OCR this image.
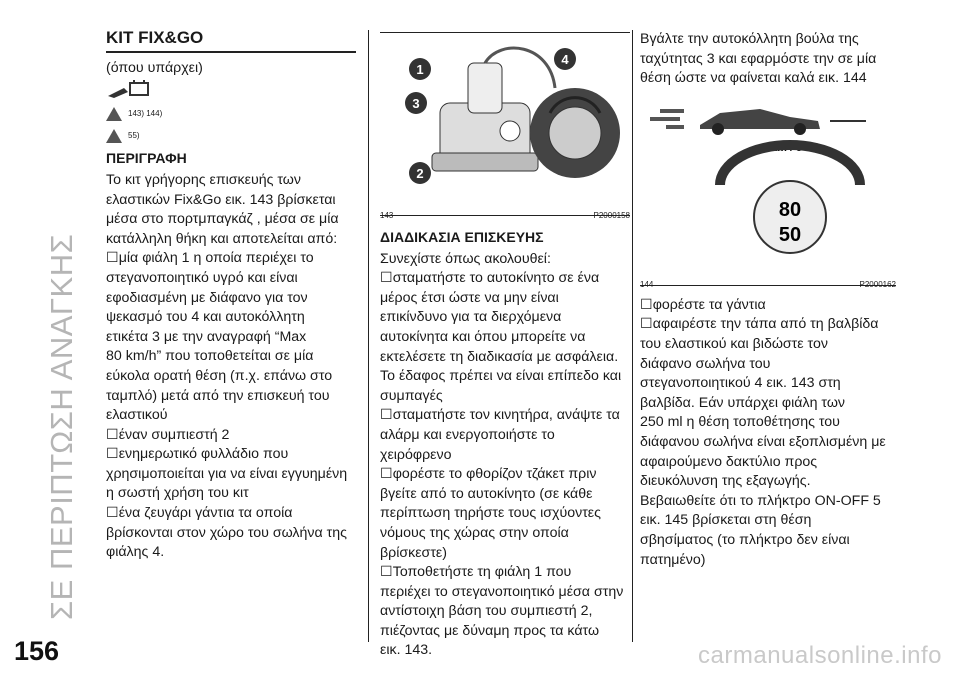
ΣΕ ΠΕΡΙΠΤΩΣΗ ΑΝΑΓΚΗΣ
156	carmanualsonline.info
KIT FIX&GO
(όπου υπάρχει)
143) 144)
55)
ΠΕΡΙΓΡΑΦΗ
Το κιτ γρήγορης επισκευής των
ελαστικών Fix&Go εικ. 143 βρίσκεται
μέσα στο πορτμπαγκάζ , μέσα σε μία
κατάλληλη θήκη και αποτελείται από:
☐μία φιάλη 1 η οποία περιέχει το
στεγανοποιητικό υγρό και είναι
εφοδιασμένη με διάφανο για τον
ψεκασμό του 4 και αυτοκόλλητη
ετικέτα 3 με την αναγραφή “Max
80 km/h” που τοποθετείται σε μία
εύκολα ορατή θέση (π.χ. επάνω στο
ταμπλό) μετά από την επισκευή του
ελαστικού
☐έναν συμπιεστή 2
☐ενημερωτικό φυλλάδιο που
χρησιμοποιείται για να είναι εγγυημένη
η σωστή χρήση του κιτ
☐ένα ζευγάρι γάντια τα οποία
βρίσκονται στον χώρο του σωλήνα της
φιάλης 4.
1
2
3
4
143	P2000158
ΔΙΑΔΙΚΑΣΙΑ ΕΠΙΣΚΕΥΗΣ
Συνεχίστε όπως ακολουθεί:
☐σταματήστε το αυτοκίνητο σε ένα
μέρος έτσι ώστε να μην είναι
επικίνδυνο για τα διερχόμενα
αυτοκίνητα και όπου μπορείτε να
εκτελέσετε τη διαδικασία με ασφάλεια.
Το έδαφος πρέπει να είναι επίπεδο και
συμπαγές
☐σταματήστε τον κινητήρα, ανάψτε τα
αλάρμ και ενεργοποιήστε το
χειρόφρενο
☐φορέστε το φθορίζον τζάκετ πριν
βγείτε από το αυτοκίνητο (σε κάθε
περίπτωση τηρήστε τους ισχύοντες
νόμους της χώρας στην οποία
βρίσκεστε)
☐Τοποθετήστε τη φιάλη 1 που
περιέχει το στεγανοποιητικό μέσα στην
αντίστοιχη βάση του συμπιεστή 2,
πιέζοντας με δύναμη προς τα κάτω
εικ. 143.
Βγάλτε την αυτοκόλλητη βούλα της
ταχύτητας 3 και εφαρμόστε την σε μία
θέση ώστε να φαίνεται καλά εικ. 144
8 km / 5 mi
80
50
144	P2000162
☐φορέστε τα γάντια
☐αφαιρέστε την τάπα από τη βαλβίδα
του ελαστικού και βιδώστε τον
διάφανο σωλήνα του
στεγανοποιητικού 4 εικ. 143 στη
βαλβίδα. Εάν υπάρχει φιάλη των
250 ml η θέση τοποθέτησης του
διάφανου σωλήνα είναι εξοπλισμένη με
αφαιρούμενο δακτύλιο προς
διευκόλυνση της εξαγωγής.
Βεβαιωθείτε ότι το πλήκτρο ON-OFF 5
εικ. 145 βρίσκεται στη θέση
σβησίματος (το πλήκτρο δεν είναι
πατημένο)
